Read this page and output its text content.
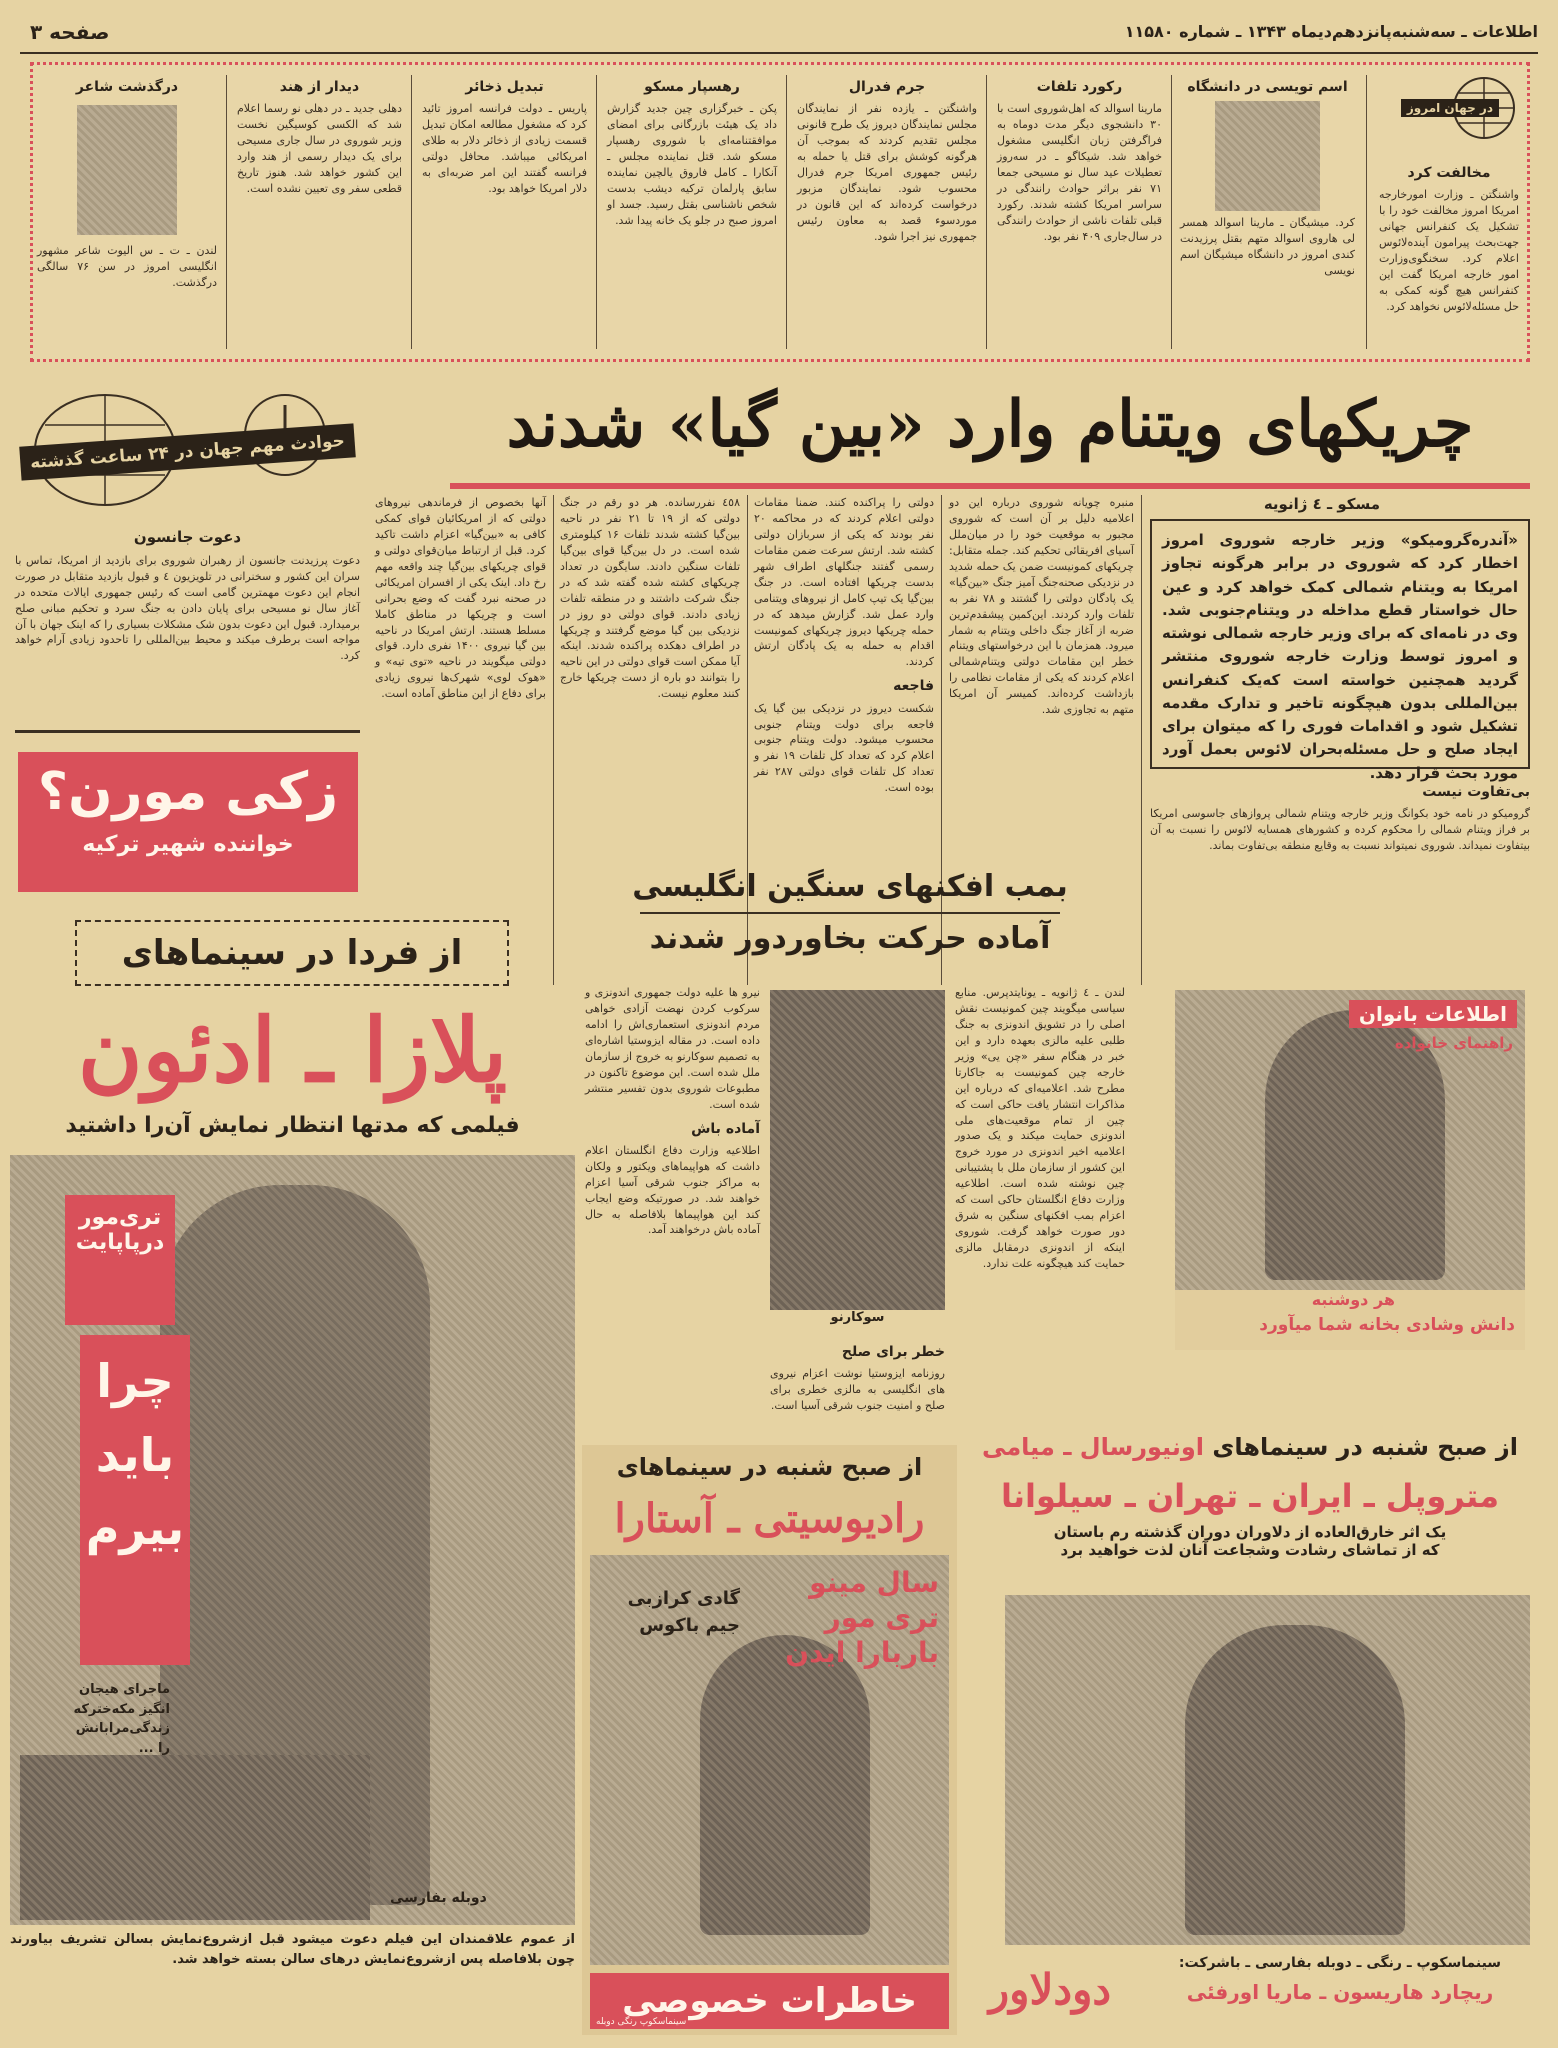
اطلاعات ـ سه‌شنبه‌پانزدهم‌دیماه ۱۳۴۳ ـ شماره ۱۱۵۸۰
صفحه ۳
در جهان امروز
مخالفت کرد
واشنگتن ـ وزارت امورخارجه امریکا امروز مخالفت خود را با تشکیل یک کنفرانس جهانی جهت‌بحث پیرامون آینده‌لائوس اعلام کرد. سخنگوی‌وزارت امور خارجه امریکا گفت این کنفرانس هیچ گونه کمکی به حل مسئله‌لائوس نخواهد کرد.
اسم تویسی در دانشگاه
کرد. میشیگان ـ مارینا اسوالد همسر لی هاروی اسوالد متهم بقتل پرزیدنت کندی امروز در دانشگاه میشیگان اسم نویسی
رکورد تلفات
مارینا اسوالد که اهل‌شوروی است با ۳۰ دانشجوی دیگر مدت دوماه به فراگرفتن زبان انگلیسی مشغول خواهد شد. شیکاگو ـ در سه‌روز تعطیلات عید سال نو مسیحی جمعا ۷۱ نفر براثر حوادث رانندگی در سراسر امریکا کشته شدند. رکورد قبلی تلفات ناشی از حوادث رانندگی در سال‌جاری ۴۰۹ نفر بود.
جرم فدرال
واشنگتن ـ یازده نفر از نمایندگان مجلس نمایندگان دیروز یک طرح قانونی مجلس تقدیم کردند که بموجب آن هرگونه کوشش برای قتل یا حمله به رئیس جمهوری امریکا جرم فدرال محسوب شود. نمایندگان مزبور درخواست کرده‌اند که این قانون در موردسوء قصد به معاون رئیس جمهوری نیز اجرا شود.
رهسپار مسکو
پکن ـ خبرگزاری چین جدید گزارش داد یک هیئت بازرگانی برای امضای موافقتنامه‌ای با شوروی رهسپار مسکو شد. قتل نماینده مجلس ـ آنکارا ـ کامل فاروق یالچین نماینده سابق پارلمان ترکیه دیشب بدست شخص ناشناسی بقتل رسید. جسد او امروز صبح در جلو یک خانه پیدا شد.
تبدیل ذخائر
پاریس ـ دولت فرانسه امروز تائید کرد که مشغول مطالعه امکان تبدیل قسمت زیادی از ذخائر دلار به طلای امریکائی میباشد. محافل دولتی فرانسه گفتند این امر ضربه‌ای به دلار امریکا خواهد بود.
دیدار از هند
دهلی جدید ـ در دهلی نو رسما اعلام شد که الکسی کوسیگین نخست وزیر شوروی در سال جاری مسیحی برای یک دیدار رسمی از هند وارد این کشور خواهد شد. هنوز تاریخ قطعی سفر وی تعیین نشده است.
درگذشت شاعر
لندن ـ ت ـ س الیوت شاعر مشهور انگلیسی امروز در سن ۷۶ سالگی درگذشت.
چریکهای ویتنام وارد «بین گیا» شدند
حوادث مهم جهان در ۲۴ ساعت گذشته
دعوت جانسون
دعوت پرزیدنت جانسون از رهبران شوروی برای بازدید از امریکا، تماس با سران این کشور و سخنرانی در تلویزیون ٤ و قبول بازدید متقابل در صورت انجام این دعوت مهمترین گامی است که رئیس جمهوری ایالات متحده در آغاز سال نو مسیحی برای پایان دادن به جنگ سرد و تحکیم مبانی صلح برمیدارد. قبول این دعوت بدون شک مشکلات بسیاری را که اینک جهان با آن مواجه است برطرف میکند و محیط بین‌المللی را تاحدود زیادی آرام خواهد کرد.
مسکو ـ ٤ ژانویه
«آندره‌گرومیکو» وزیر خارجه شوروی امروز اخطار کرد که شوروی در برابر هرگونه تجاوز امریکا به ویتنام شمالی کمک خواهد کرد و عین حال خواستار قطع مداخله در ویتنام‌جنوبی شد. وی در نامه‌ای که برای وزیر خارجه شمالی نوشته و امروز توسط وزارت خارجه شوروی منتشر گردید همچنین خواسته است که‌یک کنفرانس بین‌المللی بدون هیچگونه تاخیر و تدارک مقدمه تشکیل شود و اقدامات فوری را که میتوان برای ایجاد صلح و حل مسئله‌بحران لائوس بعمل آورد مورد بحث قرار دهد.
بی‌تفاوت نیست
گرومیکو در نامه خود بکوانگ وزیر خارجه ویتنام شمالی پروازهای جاسوسی امریکا بر فراز ویتنام شمالی را محکوم کرده و کشورهای همسایه لائوس را نسبت به آن بیتفاوت نمیداند. شوروی نمیتواند نسبت به وقایع منطقه بی‌تفاوت بماند.
منبره چویانه شوروی درباره این دو اعلامیه دلیل بر آن است که شوروی مجبور به موقعیت خود را در میان‌ملل آسیای افریقائی تحکیم کند. جمله متقابل: چریکهای کمونیست ضمن یک حمله شدید در نزدیکی صحنه‌جنگ آمیز جنگ «بین‌گیا» یک پادگان دولتی را گشتند و ۷۸ نفر به تلفات وارد کردند. این‌کمین پیشقدم‌ترین ضربه از آغاز جنگ داخلی ویتنام به شمار میرود. همزمان با این درخواستهای ویتنام خطر این مقامات دولتی ویتنام‌شمالی اعلام کردند که یکی از مقامات نظامی را بازداشت کرده‌اند. کمیسر آن امریکا متهم به تجاوزی شد.
دولتی را پراکنده کنند. ضمنا مقامات دولتی اعلام کردند که در محاکمه ۲۰ نفر بودند که یکی از سربازان دولتی کشته شد. ارتش سرعت ضمن مقامات رسمی گفتند جنگلهای اطراف شهر بدست چریکها افتاده است. در جنگ بین‌گیا یک تیپ کامل از نیروهای ویتنامی وارد عمل شد. گزارش میدهد که در حمله چریکها دیروز چریکهای کمونیست اقدام به حمله به یک پادگان ارتش کردند.
فاجعه
شکست دیروز در نزدیکی بین گیا یک فاجعه برای دولت ویتنام جنوبی محسوب میشود. دولت ویتنام جنوبی اعلام کرد که تعداد کل تلفات ۱۹ نفر و تعداد کل تلفات قوای دولتی ۲۸۷ نفر بوده است.
٤٥٨ نفررسانده. هر دو رقم در جنگ دولتی که از ۱۹ تا ۲۱ نفر در ناحیه بین‌گیا کشته شدند تلفات ۱۶ کیلومتری شده است. در دل بین‌گیا قوای بین‌گیا تلفات سنگین دادند. سایگون در تعداد چریکهای کشته شده گفته شد که در جنگ شرکت داشتند و در منطقه تلفات زیادی دادند. قوای دولتی دو روز در نزدیکی بین گیا موضع گرفتند و چریکها در اطراف دهکده پراکنده شدند. اینکه آیا ممکن است قوای دولتی در این ناحیه را بتوانند دو باره از دست چریکها خارج کنند معلوم نیست.
آنها بخصوص از فرماندهی نیروهای دولتی که از امریکائیان قوای کمکی کافی به «بین‌گیا» اعزام داشت تاکید کرد. قبل از ارتباط میان‌قوای دولتی و قوای چریکهای بین‌گیا چند واقعه مهم رخ داد. اینک یکی از افسران امریکائی در صحنه نبرد گفت که وضع بحرانی است و چریکها در مناطق کاملا مسلط هستند. ارتش امریکا در ناحیه بین گیا نیروی ۱۴۰۰ نفری دارد. قوای دولتی میگویند در ناحیه «توی تیه» و «هوک لوی» شهرک‌ها نیروی زیادی برای دفاع از این مناطق آماده است.
زکی مورن؟
خواننده شهیر ترکیه
از فردا در سینماهای
پلازا ـ ادئون
فیلمی که مدتها انتظار نمایش آن‌را داشتید
تری‌مور درپاپایت
چرا باید بیرم
ماجرای هیجان انگیز مکه‌خترکه زندگی‌مرابانش را ...
دوبله بفارسی
از عموم علاقمندان این فیلم دعوت میشود قبل ازشروع‌نمایش بسالن تشریف بیاورند چون بلافاصله پس ازشروع‌نمایش درهای سالن بسته خواهد شد.
بمب افکنهای سنگین انگلیسی
آماده حرکت بخاوردور شدند
لندن ـ ٤ ژانویه ـ یونایتدپرس. منابع سیاسی میگویند چین کمونیست نقش اصلی را در تشویق اندونزی به جنگ طلبی علیه مالزی بعهده دارد و این خبر در هنگام سفر «چن یی» وزیر خارجه چین کمونیست به جاکارتا مطرح شد. اعلامیه‌ای که درباره این مذاکرات انتشار یافت حاکی است که چین از تمام موقعیت‌های ملی اندونزی حمایت میکند و یک صدور اعلامیه اخیر اندونزی در مورد خروج این کشور از سازمان ملل با پشتیبانی چین نوشته شده است. اطلاعیه وزارت دفاع انگلستان حاکی است که اعزام بمب افکنهای سنگین به شرق دور صورت خواهد گرفت. شوروی اینکه از اندونزی درمقابل مالزی حمایت کند هیچگونه علت ندارد.
سوکارنو
نیرو ها علیه دولت جمهوری اندونزی و سرکوب کردن نهضت آزادی خواهی مردم اندونزی استعماری‌اش را ادامه داده است. در مقاله ایزوستیا اشاره‌ای به تصمیم سوکارنو به خروج از سازمان ملل شده است. این موضوع تاکنون در مطبوعات شوروی بدون تفسیر منتشر شده است.
آماده باش
اطلاعیه وزارت دفاع انگلستان اعلام داشت که هواپیماهای ویکتور و ولکان به مراکز جنوب شرقی آسیا اعزام خواهند شد. در صورتیکه وضع ایجاب کند این هواپیماها بلافاصله به حال آماده باش درخواهند آمد.
خطر برای صلح
روزنامه ایزوستیا نوشت اعزام نیروی های انگلیسی به مالزی خطری برای صلح و امنیت جنوب شرقی آسیا است.
از صبح شنبه در سینماهای
رادیوسیتی ـ آستارا
سال مینو
تری مور
باربارا ایدن
گادی کرازبی
جیم باکوس
خاطرات خصوصی
سینماسکوپ رنگی دوبله
اطلاعات بانوان
راهنمای خانواده
هر دوشنبه
دانش وشادی بخانه شما میآورد
از صبح شنبه در سینماهای اونیورسال ـ میامی
متروپل ـ ایران ـ تهران ـ سیلوانا
یک اثر خارق‌العاده از دلاوران دوران گذشته رم باستان
که از تماشای رشادت وشجاعت آنان لذت خواهید برد
سینماسکوپ ـ رنگی ـ دوبله بفارسی ـ باشرکت:
ریچارد هاریسون ـ ماریا اورفئی
دودلاور
